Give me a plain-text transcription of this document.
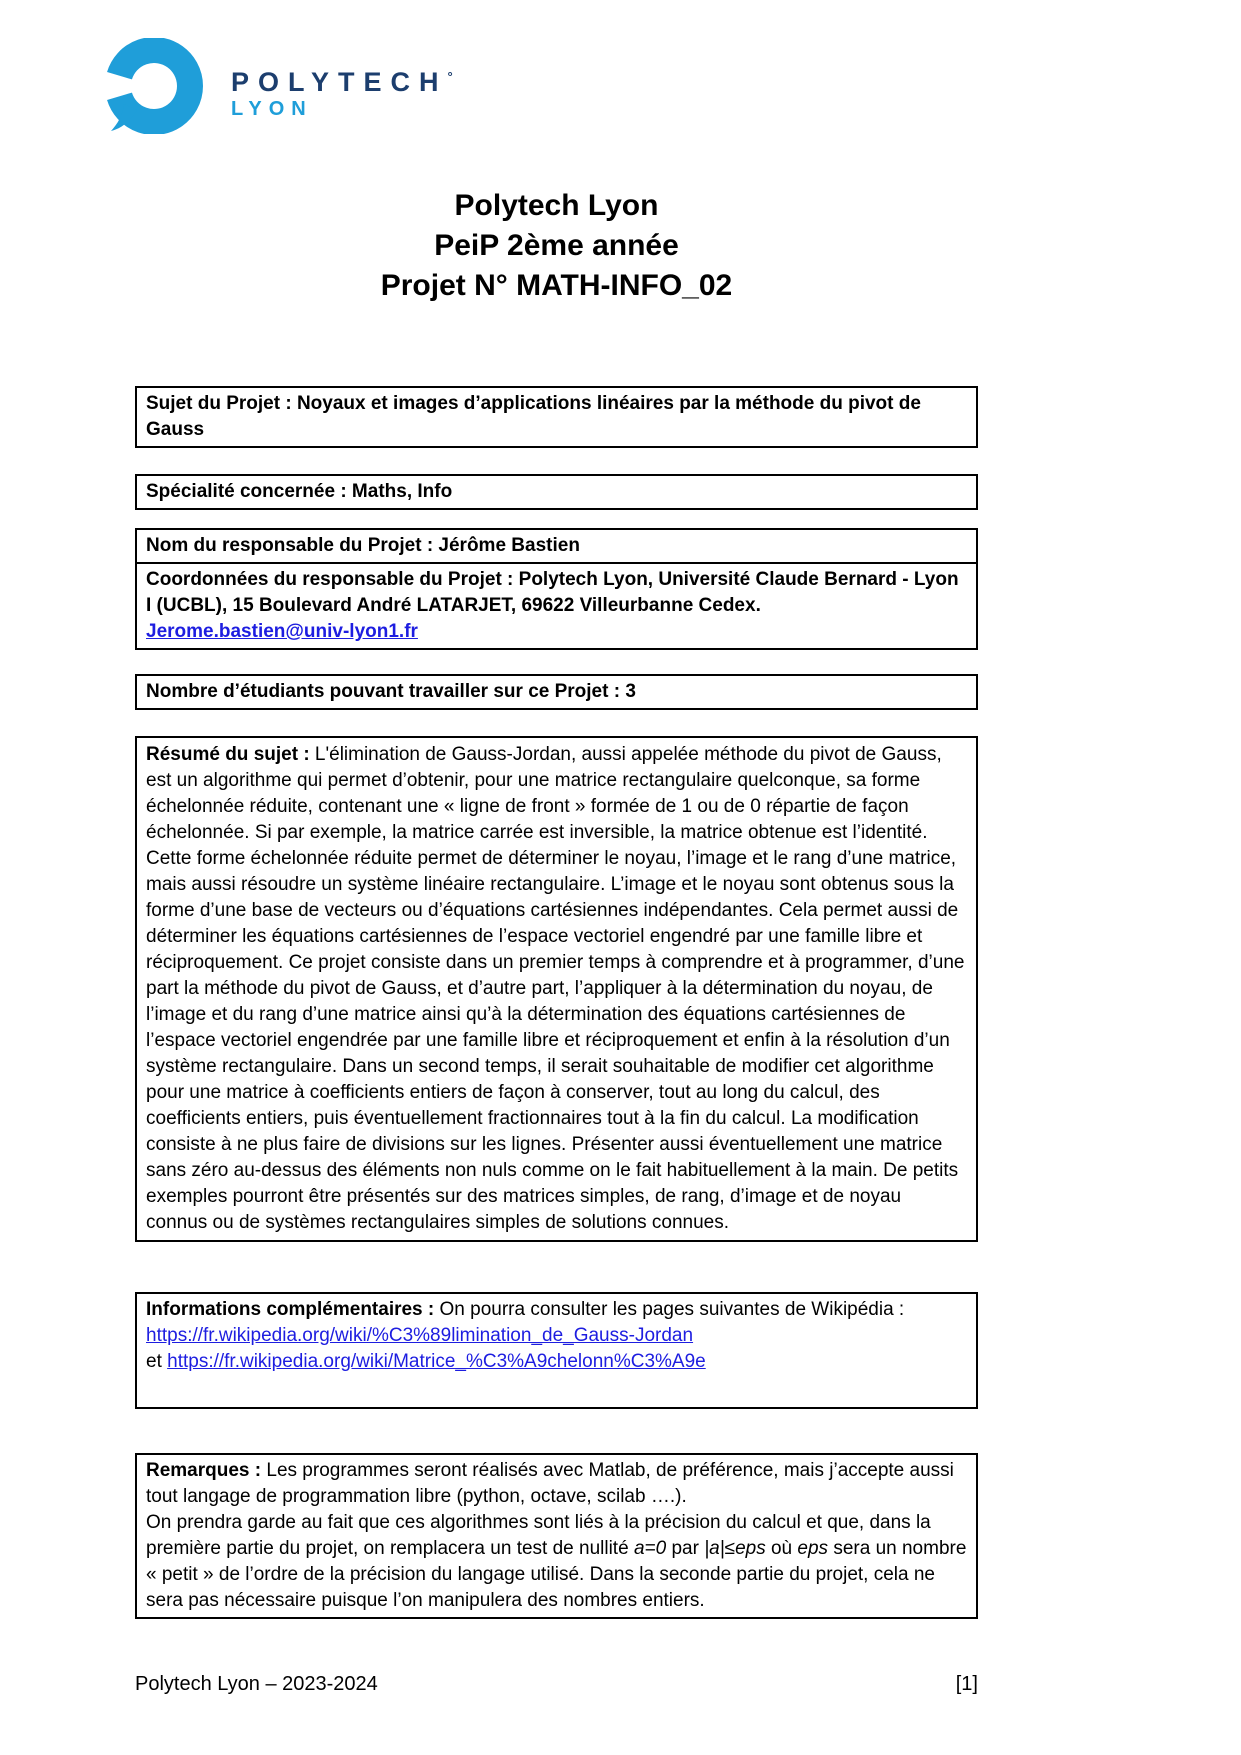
POLYTECH°
LYON
Polytech Lyon
PeiP 2ème année
Projet N° MATH-INFO_02
Sujet du Projet : Noyaux et images d’applications linéaires par la méthode du pivot de Gauss
Spécialité concernée : Maths, Info
Nom du responsable du Projet : Jérôme Bastien
Coordonnées du responsable du Projet : Polytech Lyon, Université Claude Bernard - Lyon I (UCBL), 15 Boulevard André LATARJET, 69622 Villeurbanne Cedex.
Jerome.bastien@univ-lyon1.fr
Nombre d’étudiants pouvant travailler sur ce Projet : 3
Résumé du sujet : L'élimination de Gauss-Jordan, aussi appelée méthode du pivot de Gauss, est un algorithme qui permet d’obtenir, pour une matrice rectangulaire quelconque, sa forme échelonnée réduite, contenant une « ligne de front » formée de 1 ou de 0 répartie de façon échelonnée. Si par exemple, la matrice carrée est inversible, la matrice obtenue est l’identité. Cette forme échelonnée réduite permet de déterminer le noyau, l’image et le rang d’une matrice, mais aussi résoudre un système linéaire rectangulaire. L’image et le noyau sont obtenus sous la forme d’une base de vecteurs ou d’équations cartésiennes indépendantes. Cela permet aussi de déterminer les équations cartésiennes de l’espace vectoriel engendré par une famille libre et réciproquement. Ce projet consiste dans un premier temps à comprendre et à programmer, d’une part la méthode du pivot de Gauss, et d’autre part, l’appliquer à la détermination du noyau, de l’image et du rang d’une matrice ainsi qu’à la détermination des équations cartésiennes de l’espace vectoriel engendrée par une famille libre et réciproquement et enfin à la résolution d’un système rectangulaire. Dans un second temps, il serait souhaitable de modifier cet algorithme pour une matrice à coefficients entiers de façon à conserver, tout au long du calcul, des coefficients entiers, puis éventuellement fractionnaires tout à la fin du calcul. La modification consiste à ne plus faire de divisions sur les lignes. Présenter aussi éventuellement une matrice sans zéro au-dessus des éléments non nuls comme on le fait habituellement à la main. De petits exemples pourront être présentés sur des matrices simples, de rang, d’image et de noyau connus ou de systèmes rectangulaires simples de solutions connues.
Informations complémentaires : On pourra consulter les pages suivantes de Wikipédia :
https://fr.wikipedia.org/wiki/%C3%89limination_de_Gauss-Jordan
et https://fr.wikipedia.org/wiki/Matrice_%C3%A9chelonn%C3%A9e
Remarques : Les programmes seront réalisés avec Matlab, de préférence, mais j’accepte aussi tout langage de programmation libre (python, octave, scilab ….).
On prendra garde au fait que ces algorithmes sont liés à la précision du calcul et que, dans la première partie du projet, on remplacera un test de nullité a=0 par |a|≤eps où eps sera un nombre « petit » de l’ordre de la précision du langage utilisé. Dans la seconde partie du projet, cela ne sera pas nécessaire puisque l’on manipulera des nombres entiers.
Polytech Lyon – 2023-2024	[1]
